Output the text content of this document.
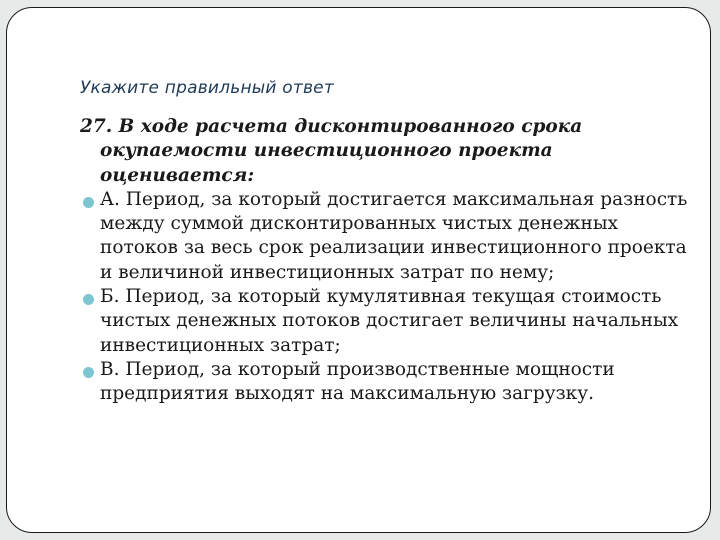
Укажите правильный ответ

27. В ходе расчета дисконтированного срока окупаемости инвестиционного проекта оценивается:

А. Период, за который достигается максимальная разность между суммой дисконтированных чистых денежных потоков за весь срок реализации инвестиционного проекта и величиной инвестиционных затрат по нему;
Б. Период, за который кумулятивная текущая стоимость чистых денежных потоков достигает величины начальных инвестиционных затрат;
В. Период, за который производственные мощности предприятия выходят на максимальную загрузку.
